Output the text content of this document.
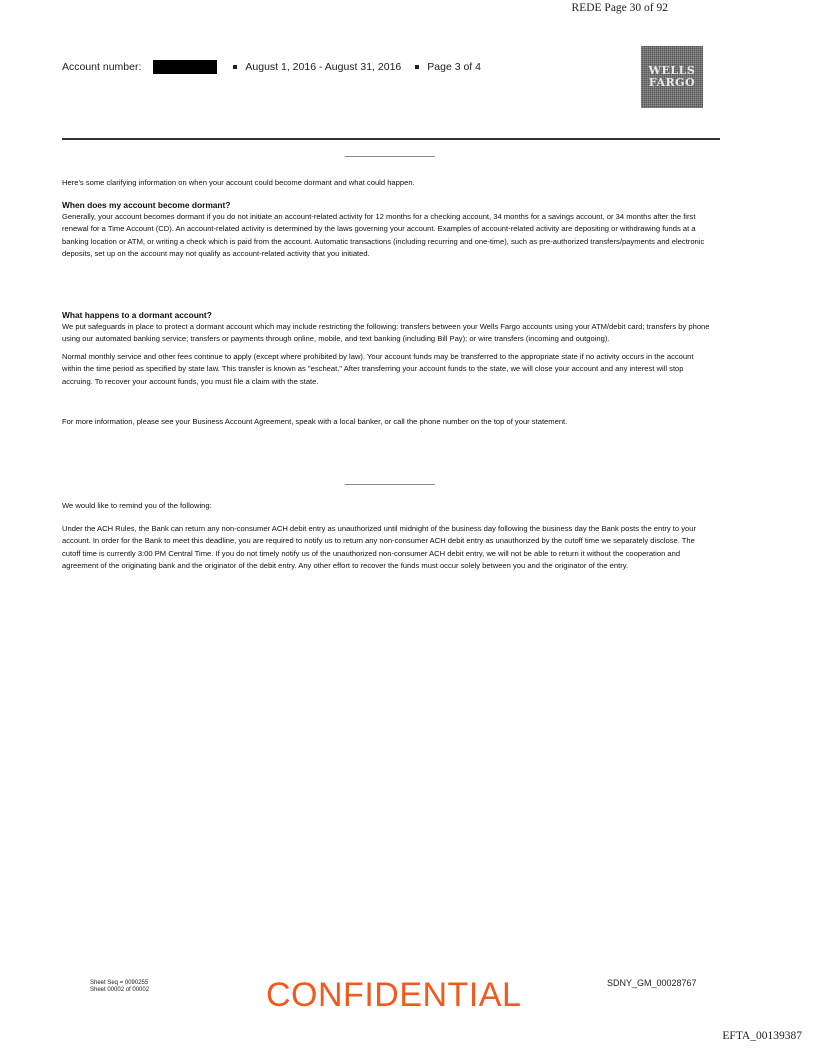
REDE Page 30 of 92
Account number:	August 1, 2016 - August 31, 2016 Page 3 of 4	WELLS
FARGO

Here's some clarifying information on when your account could become dormant and what could happen.

When does my account become dormant?

Generally, your account becomes dormant if you do not initiate an account-related activity for 12 months for a checking account, 34 months for a savings account, or 34 months after the first renewal for a Time Account (CD). An account-related activity is determined by the laws governing your account. Examples of account-related activity are depositing or withdrawing funds at a banking location or ATM, or writing a check which is paid from the account. Automatic transactions (including recurring and one-time), such as pre-authorized transfers/payments and electronic deposits, set up on the account may not qualify as account-related activity that you initiated.

What happens to a dormant account?

We put safeguards in place to protect a dormant account which may include restricting the following: transfers between your Wells Fargo accounts using your ATM/debit card; transfers by phone using our automated banking service; transfers or payments through online, mobile, and text banking (including Bill Pay); or wire transfers (incoming and outgoing).

Normal monthly service and other fees continue to apply (except where prohibited by law). Your account funds may be transferred to the appropriate state if no activity occurs in the account within the time period as specified by state law. This transfer is known as "escheat." After transferring your account funds to the state, we will close your account and any interest will stop accruing. To recover your account funds, you must file a claim with the state.

For more information, please see your Business Account Agreement, speak with a local banker, or call the phone number on the top of your statement.

We would like to remind you of the following:

Under the ACH Rules, the Bank can return any non-consumer ACH debit entry as unauthorized until midnight of the business day following the business day the Bank posts the entry to your account. In order for the Bank to meet this deadline, you are required to notify us to return any non-consumer ACH debit entry as unauthorized by the cutoff time we separately disclose. The cutoff time is currently 3:00 PM Central Time. If you do not timely notify us of the unauthorized non-consumer ACH debit entry, we will not be able to return it without the cooperation and agreement of the originating bank and the originator of the debit entry. Any other effort to recover the funds must occur solely between you and the originator of the entry.

Sheet Seq = 0090255
Sheet 00002 of 00002	CONFIDENTIAL	SDNY_GM_00028767
EFTA_00139387
